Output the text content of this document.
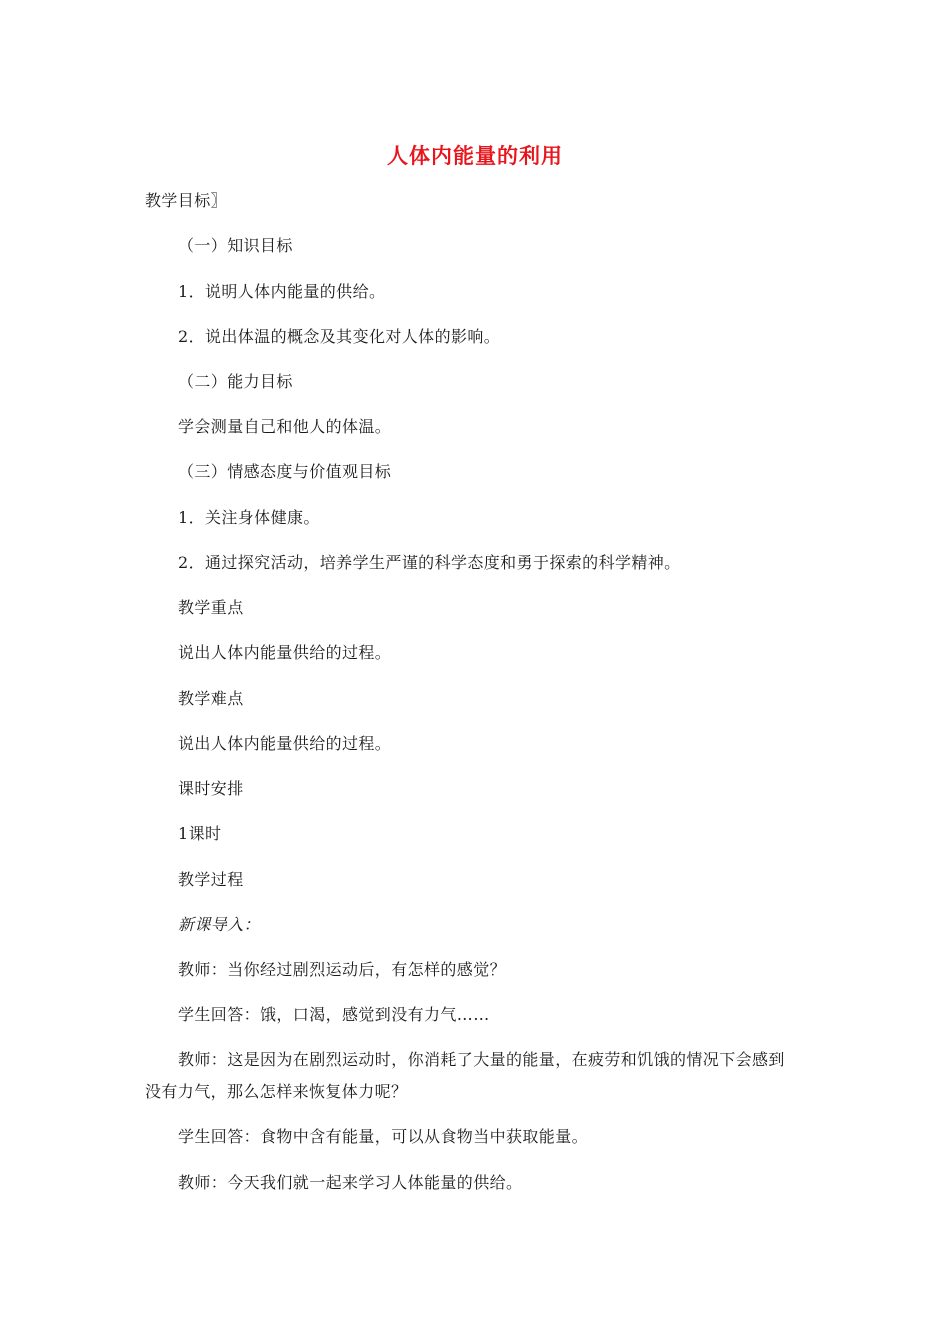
人体内能量的利用
教学目标〗
（一）知识目标
1．说明人体内能量的供给。
2．说出体温的概念及其变化对人体的影响。
（二）能力目标
学会测量自己和他人的体温。
（三）情感态度与价值观目标
1．关注身体健康。
2．通过探究活动，培养学生严谨的科学态度和勇于探索的科学精神。
教学重点
说出人体内能量供给的过程。
教学难点
说出人体内能量供给的过程。
课时安排
1课时
教学过程
新课导入：
教师：当你经过剧烈运动后，有怎样的感觉？
学生回答：饿，口渴，感觉到没有力气……
教师：这是因为在剧烈运动时，你消耗了大量的能量，在疲劳和饥饿的情况下会感到
没有力气，那么怎样来恢复体力呢？
学生回答：食物中含有能量，可以从食物当中获取能量。
教师：今天我们就一起来学习人体能量的供给。
